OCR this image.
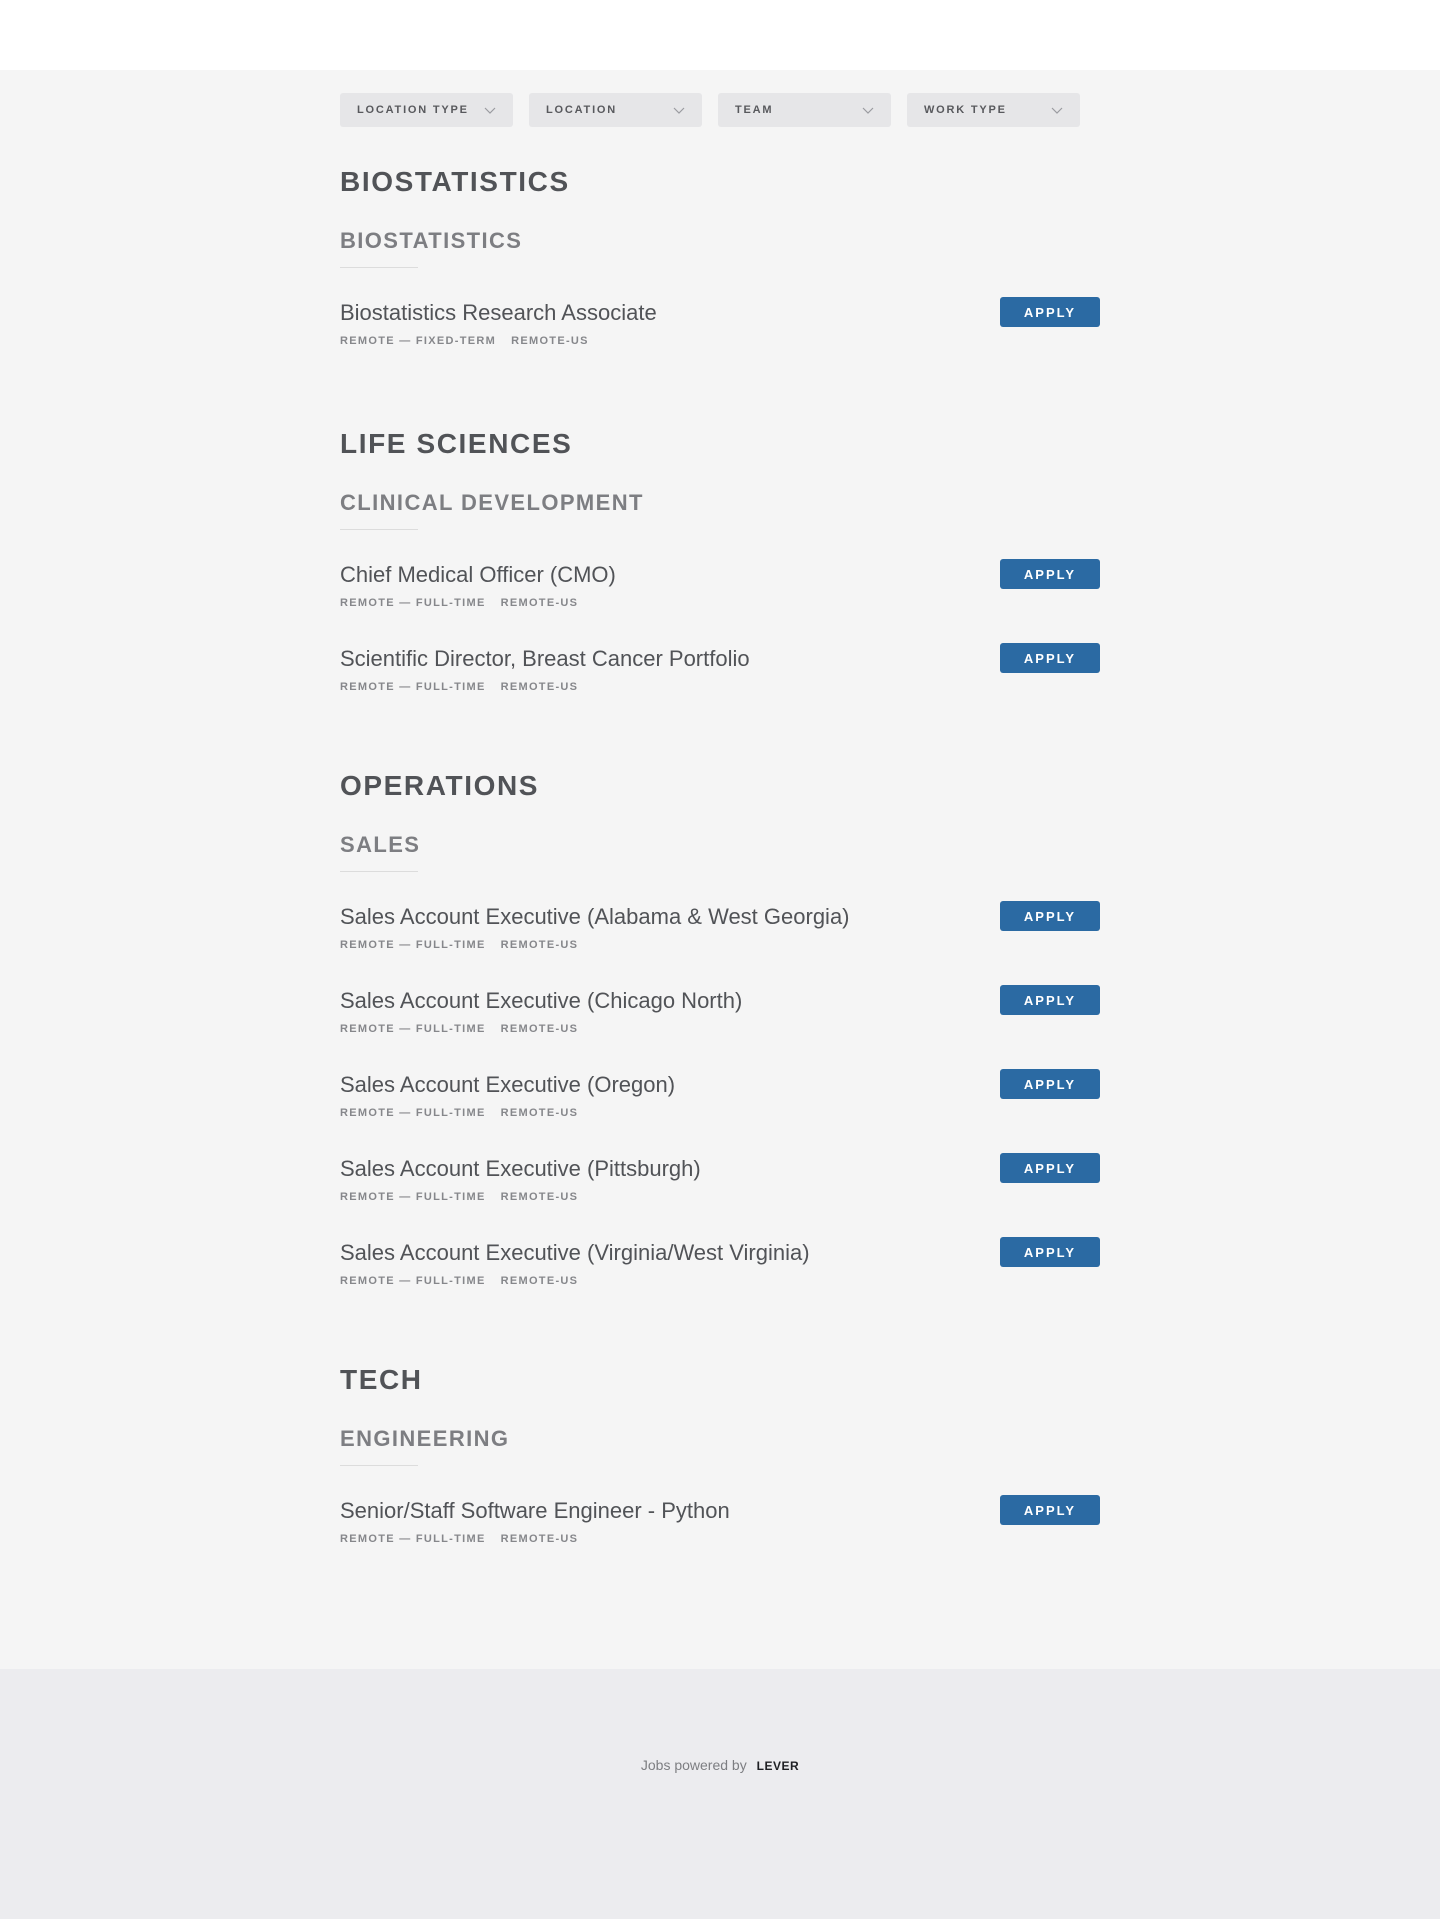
LOCATION TYPE	LOCATION	TEAM	WORK TYPE
BIOSTATISTICS
BIOSTATISTICS
Biostatistics Research Associate
REMOTE — FIXED-TERM REMOTE-US
APPLY
LIFE SCIENCES
CLINICAL DEVELOPMENT
Chief Medical Officer (CMO)
REMOTE — FULL-TIME REMOTE-US
APPLY
Scientific Director, Breast Cancer Portfolio
REMOTE — FULL-TIME REMOTE-US
APPLY
OPERATIONS
SALES
Sales Account Executive (Alabama & West Georgia)
REMOTE — FULL-TIME REMOTE-US
APPLY
Sales Account Executive (Chicago North)
REMOTE — FULL-TIME REMOTE-US
APPLY
Sales Account Executive (Oregon)
REMOTE — FULL-TIME REMOTE-US
APPLY
Sales Account Executive (Pittsburgh)
REMOTE — FULL-TIME REMOTE-US
APPLY
Sales Account Executive (Virginia/West Virginia)
REMOTE — FULL-TIME REMOTE-US
APPLY
TECH
ENGINEERING
Senior/Staff Software Engineer - Python
REMOTE — FULL-TIME REMOTE-US
APPLY
Jobs powered by LEVER
